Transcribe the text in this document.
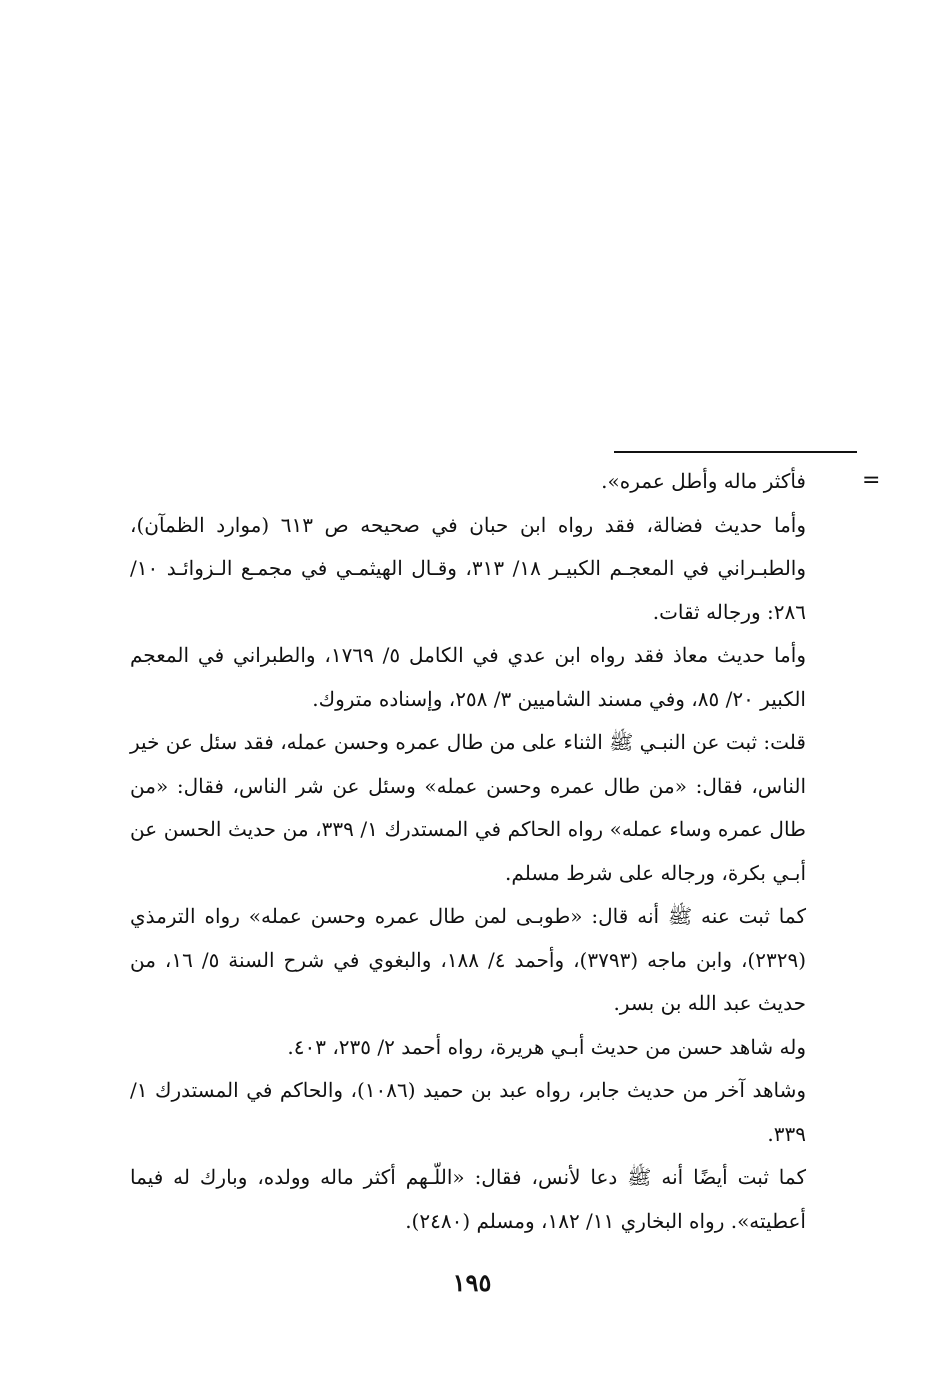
=

فأكثر ماله وأطل عمره».

وأما حديث فضالة، فقد رواه ابن حبان في صحيحه ص ٦١٣ (موارد الظمآن)، والطبـراني في المعجـم الكبيـر ١٨/ ٣١٣، وقـال الهيثمـي في مجمـع الـزوائـد ١٠/ ٢٨٦: ورجاله ثقات.

وأما حديث معاذ فقد رواه ابن عدي في الكامل ٥/ ١٧٦٩، والطبراني في المعجم الكبير ٢٠/ ٨٥، وفي مسند الشاميين ٣/ ٢٥٨، وإسناده متروك.

قلت: ثبت عن النبـي ﷺ الثناء على من طال عمره وحسن عمله، فقد سئل عن خير الناس، فقال: «من طال عمره وحسن عمله» وسئل عن شر الناس، فقال: «من طال عمره وساء عمله» رواه الحاكم في المستدرك ١/ ٣٣٩، من حديث الحسن عن أبـي بكرة، ورجاله على شرط مسلم.

كما ثبت عنه ﷺ أنه قال: «طوبـى لمن طال عمره وحسن عمله» رواه الترمذي (٢٣٢٩)، وابن ماجه (٣٧٩٣)، وأحمد ٤/ ١٨٨، والبغوي في شرح السنة ٥/ ١٦، من حديث عبد الله بن بسر.

وله شاهد حسن من حديث أبـي هريرة، رواه أحمد ٢/ ٢٣٥، ٤٠٣.

وشاهد آخر من حديث جابر، رواه عبد بن حميد (١٠٨٦)، والحاكم في المستدرك ١/ ٣٣٩.

كما ثبت أيضًا أنه ﷺ دعا لأنس، فقال: «اللّـهم أكثر ماله وولده، وبارك له فيما أعطيته». رواه البخاري ١١/ ١٨٢، ومسلم (٢٤٨٠).

١٩٥
